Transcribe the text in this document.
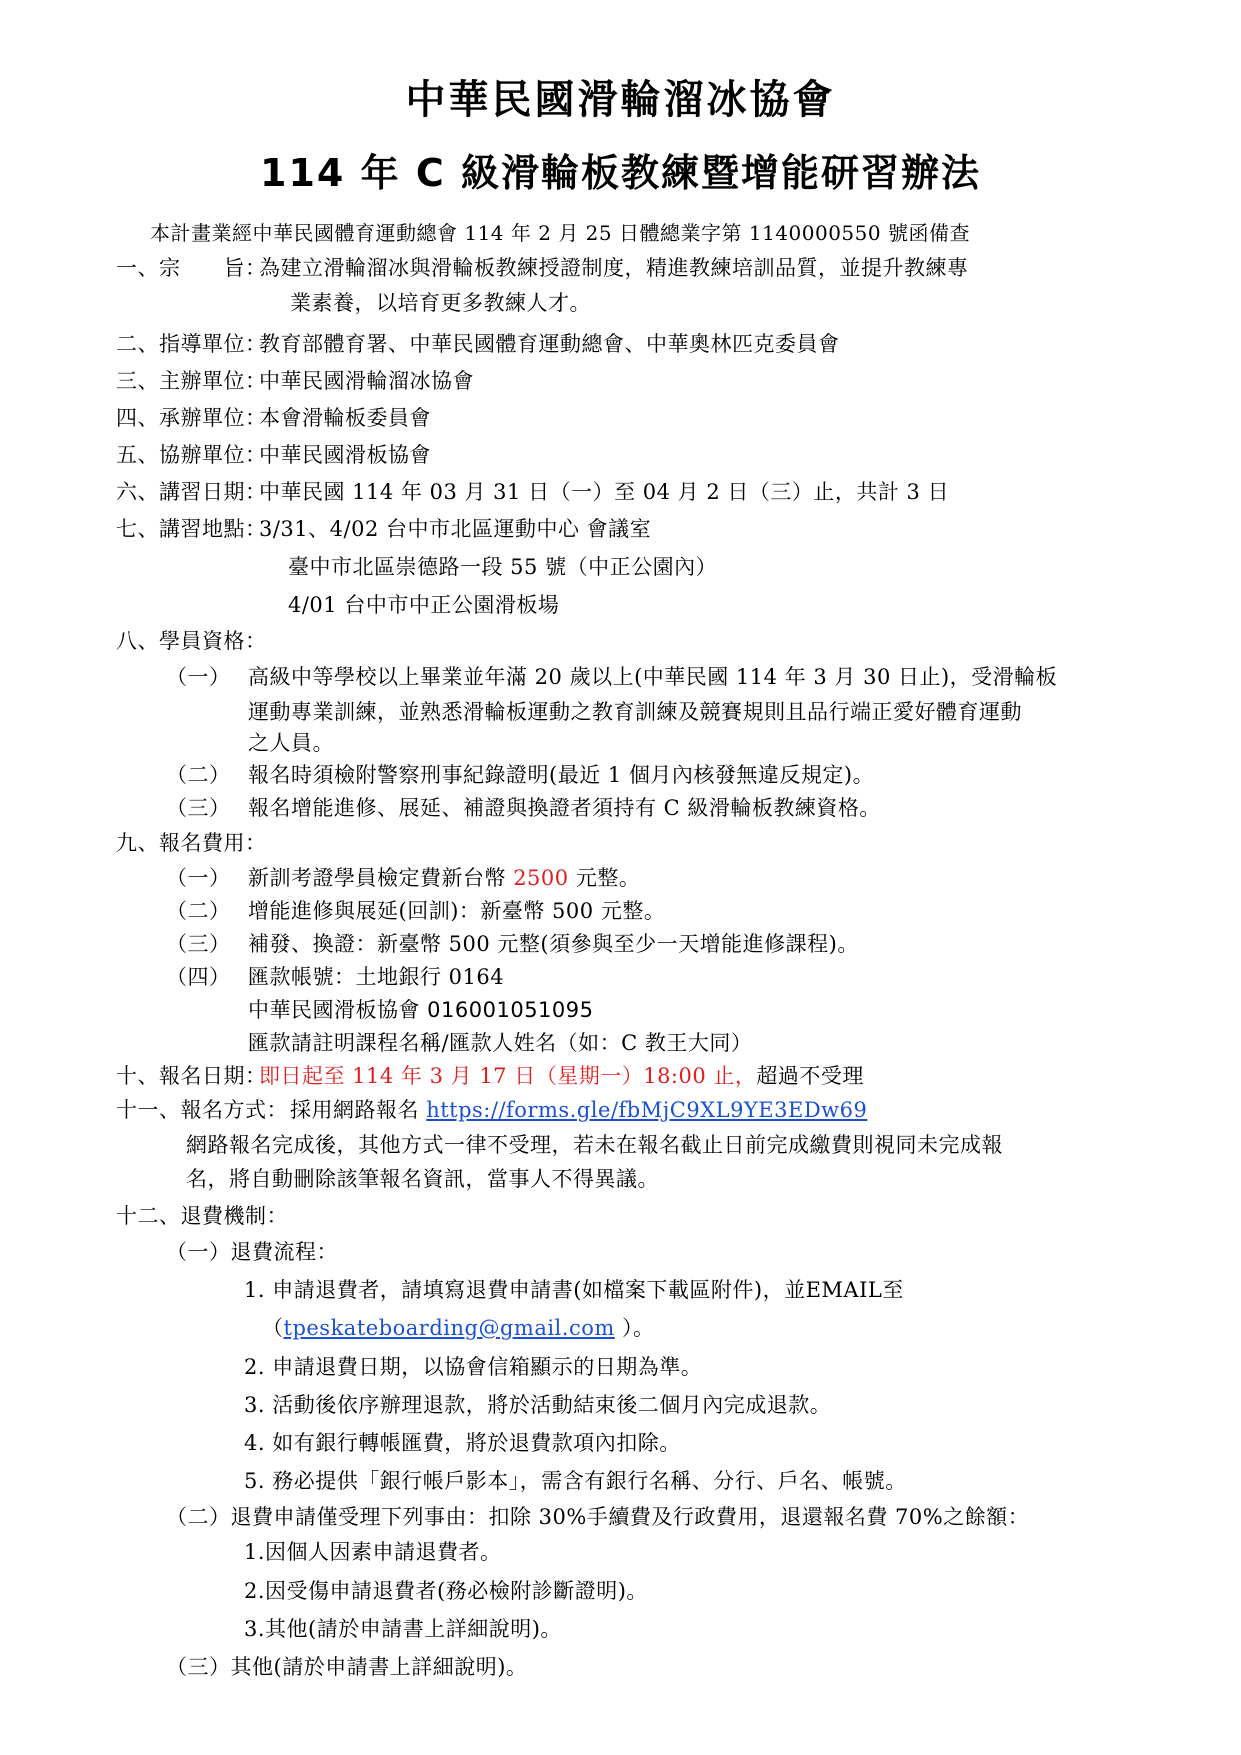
中華民國滑輪溜冰協會
114 年 C 級滑輪板教練暨增能研習辦法
本計畫業經中華民國體育運動總會 114 年 2 月 25 日體總業字第 1140000550 號函備查
一、宗　　旨：
為建立滑輪溜冰與滑輪板教練授證制度，精進教練培訓品質，並提升教練專
業素養，以培育更多教練人才。
二、指導單位：
教育部體育署、中華民國體育運動總會、中華奧林匹克委員會
三、主辦單位：
中華民國滑輪溜冰協會
四、承辦單位：
本會滑輪板委員會
五、協辦單位：
中華民國滑板協會
六、講習日期：
中華民國 114 年 03 月 31 日（一）至 04 月 2 日（三）止，共計 3 日
七、講習地點：
3/31、4/02 台中市北區運動中心 會議室
臺中市北區崇德路一段 55 號（中正公園內）
4/01 台中市中正公園滑板場
八、學員資格：
（一） 高級中等學校以上畢業並年滿 20 歲以上(中華民國 114 年 3 月 30 日止)，受滑輪板
運動專業訓練，並熟悉滑輪板運動之教育訓練及競賽規則且品行端正愛好體育運動
之人員。
（二） 報名時須檢附警察刑事紀錄證明(最近 1 個月內核發無違反規定)。
（三） 報名增能進修、展延、補證與換證者須持有 C 級滑輪板教練資格。
九、報名費用：
（一） 新訓考證學員檢定費新台幣 2500 元整。
（二） 增能進修與展延(回訓)：新臺幣 500 元整。
（三） 補發、換證：新臺幣 500 元整(須參與至少一天增能進修課程)。
（四） 匯款帳號：土地銀行 0164
中華民國滑板協會 016001051095
匯款請註明課程名稱/匯款人姓名（如：C 教王大同）
十、報名日期：
即日起至 114 年 3 月 17 日（星期一）18:00 止，超過不受理
十一、報名方式： 採用網路報名 https://forms.gle/fbMjC9XL9YE3EDw69
網路報名完成後，其他方式一律不受理，若未在報名截止日前完成繳費則視同未完成報
名，將自動刪除該筆報名資訊，當事人不得異議。
十二、退費機制：
（一）退費流程：
1. 申請退費者，請填寫退費申請書(如檔案下載區附件)，並EMAIL至
（tpeskateboarding@gmail.com ）。
2. 申請退費日期，以協會信箱顯示的日期為準。
3. 活動後依序辦理退款，將於活動結束後二個月內完成退款。
4. 如有銀行轉帳匯費，將於退費款項內扣除。
5. 務必提供「銀行帳戶影本」，需含有銀行名稱、分行、戶名、帳號。
（二）退費申請僅受理下列事由：扣除 30%手續費及行政費用，退還報名費 70%之餘額：
1.因個人因素申請退費者。
2.因受傷申請退費者(務必檢附診斷證明)。
3.其他(請於申請書上詳細說明)。
（三）其他(請於申請書上詳細說明)。
